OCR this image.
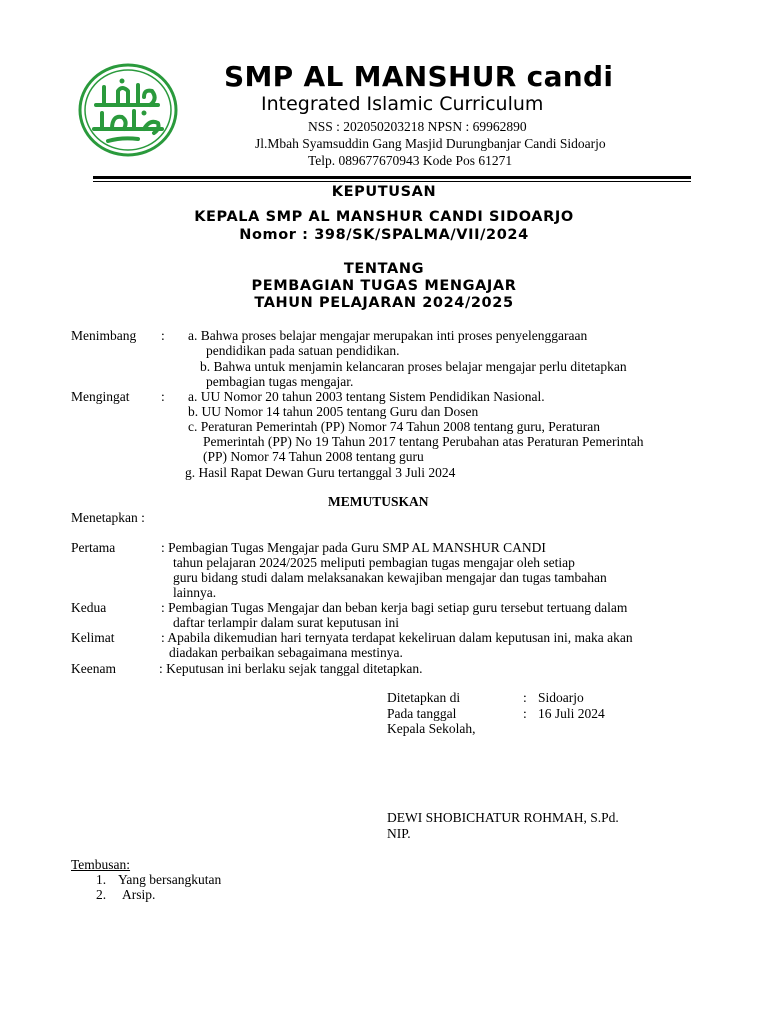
SMP AL MANSHUR candi
Integrated Islamic Curriculum
NSS : 202050203218 NPSN : 69962890
Jl.Mbah Syamsuddin Gang Masjid Durungbanjar Candi Sidoarjo
Telp. 089677670943 Kode Pos 61271
KEPUTUSAN
KEPALA SMP AL MANSHUR CANDI SIDOARJO
Nomor : 398/SK/SPALMA/VII/2024
TENTANG
PEMBAGIAN TUGAS MENGAJAR
TAHUN PELAJARAN 2024/2025
Menimbang : a. Bahwa proses belajar mengajar merupakan inti proses penyelenggaraan
pendidikan pada satuan pendidikan.
b. Bahwa untuk menjamin kelancaran proses belajar mengajar perlu ditetapkan
pembagian tugas mengajar.
Mengingat : a. UU Nomor 20 tahun 2003 tentang Sistem Pendidikan Nasional.
b. UU Nomor 14 tahun 2005 tentang Guru dan Dosen
c. Peraturan Pemerintah (PP) Nomor 74 Tahun 2008 tentang guru, Peraturan
Pemerintah (PP) No 19 Tahun 2017 tentang Perubahan atas Peraturan Pemerintah
(PP) Nomor 74 Tahun 2008 tentang guru
g. Hasil Rapat Dewan Guru tertanggal 3 Juli 2024
MEMUTUSKAN
Menetapkan :
Pertama	: Pembagian Tugas Mengajar pada Guru SMP AL MANSHUR CANDI
tahun pelajaran 2024/2025 meliputi pembagian tugas mengajar oleh setiap
guru bidang studi dalam melaksanakan kewajiban mengajar dan tugas tambahan
lainnya.
Kedua	: Pembagian Tugas Mengajar dan beban kerja bagi setiap guru tersebut tertuang dalam
daftar terlampir dalam surat keputusan ini
Kelimat	: Apabila dikemudian hari ternyata terdapat kekeliruan dalam keputusan ini, maka akan
diadakan perbaikan sebagaimana mestinya.
Keenam	: Keputusan ini berlaku sejak tanggal ditetapkan.
Ditetapkan di	: Sidoarjo
Pada tanggal	: 16 Juli 2024
Kepala Sekolah,
DEWI SHOBICHATUR ROHMAH, S.Pd.
NIP.
Tembusan:
1. Yang bersangkutan
2. Arsip.
